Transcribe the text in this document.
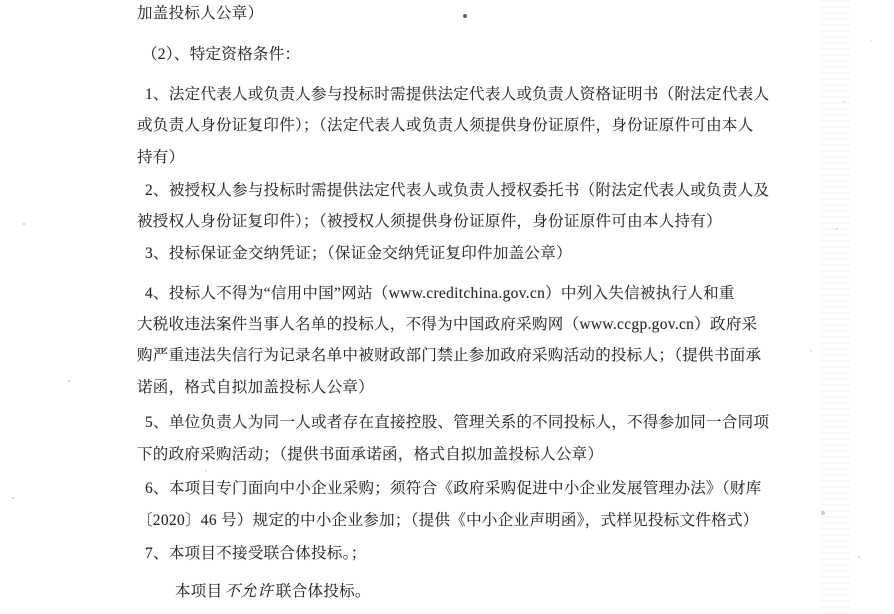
加盖投标人公章）

（2）、特定资格条件：

1、法定代表人或负责人参与投标时需提供法定代表人或负责人资格证明书（附法定代表人

或负责人身份证复印件）；（法定代表人或负责人须提供身份证原件，身份证原件可由本人

持有）

2、被授权人参与投标时需提供法定代表人或负责人授权委托书（附法定代表人或负责人及

被授权人身份证复印件）；（被授权人须提供身份证原件，身份证原件可由本人持有）

3、投标保证金交纳凭证；（保证金交纳凭证复印件加盖公章）

4、投标人不得为“信用中国”网站（www.creditchina.gov.cn）中列入失信被执行人和重

大税收违法案件当事人名单的投标人，不得为中国政府采购网（www.ccgp.gov.cn）政府采

购严重违法失信行为记录名单中被财政部门禁止参加政府采购活动的投标人；（提供书面承

诺函，格式自拟加盖投标人公章）

5、单位负责人为同一人或者存在直接控股、管理关系的不同投标人，不得参加同一合同项

下的政府采购活动；（提供书面承诺函，格式自拟加盖投标人公章）

6、本项目专门面向中小企业采购；须符合《政府采购促进中小企业发展管理办法》（财库

〔2020〕46 号）规定的中小企业参加；（提供《中小企业声明函》，式样见投标文件格式）

7、本项目不接受联合体投标。；

本项目 不允许 联合体投标。
